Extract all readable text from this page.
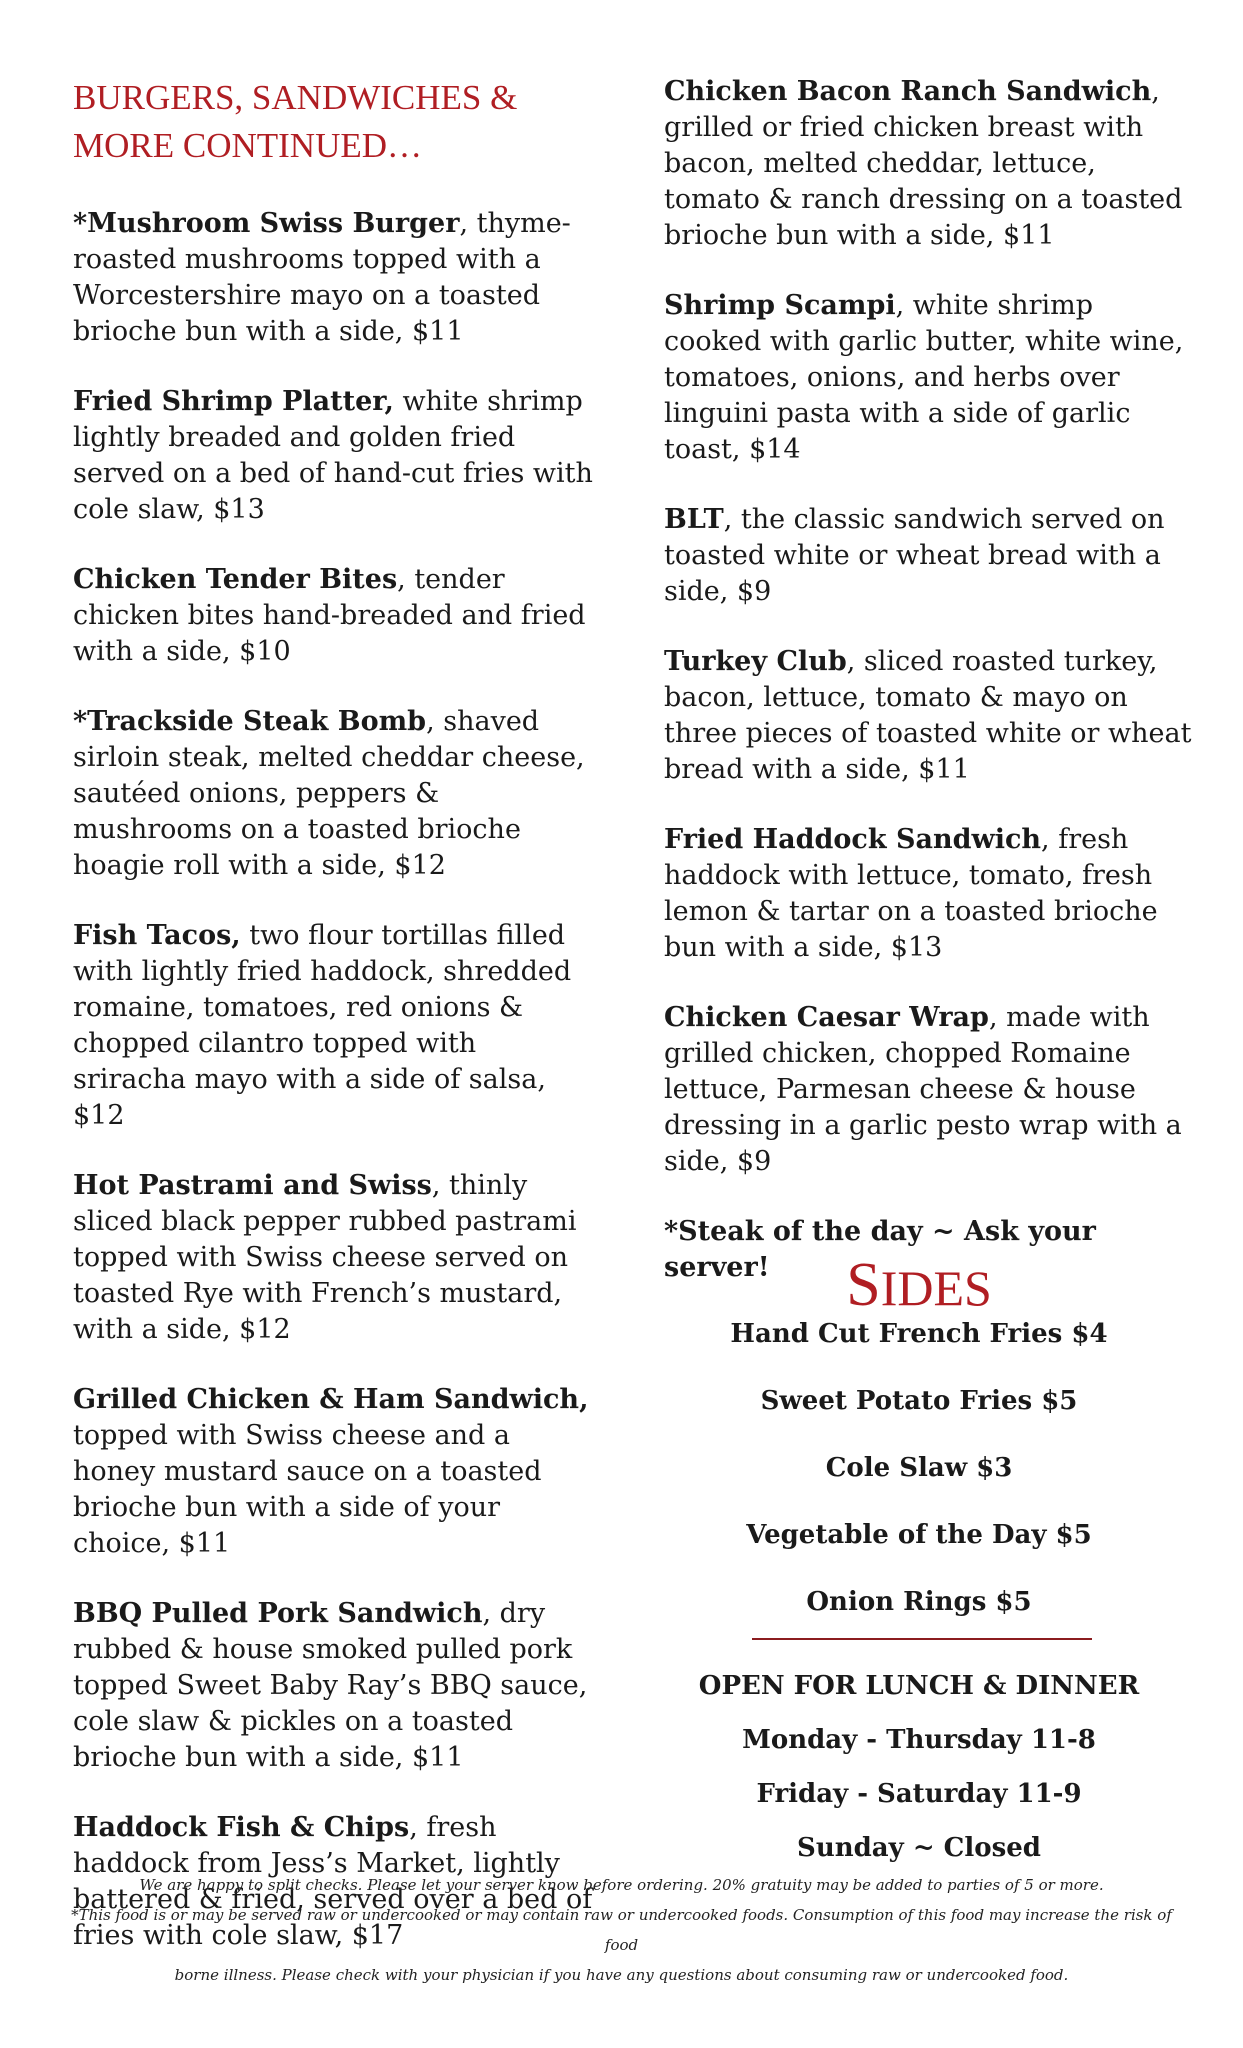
BURGERS, SANDWICHES & MORE CONTINUED…

*Mushroom Swiss Burger, thyme-roasted mushrooms topped with a Worcestershire mayo on a toasted brioche bun with a side, $11

Fried Shrimp Platter, white shrimp lightly breaded and golden fried served on a bed of hand-cut fries with cole slaw, $13

Chicken Tender Bites, tender chicken bites hand-breaded and fried with a side, $10

*Trackside Steak Bomb, shaved sirloin steak, melted cheddar cheese, sautéed onions, peppers & mushrooms on a toasted brioche hoagie roll with a side, $12

Fish Tacos, two flour tortillas filled with lightly fried haddock, shredded romaine, tomatoes, red onions & chopped cilantro topped with sriracha mayo with a side of salsa, $12

Hot Pastrami and Swiss, thinly sliced black pepper rubbed pastrami topped with Swiss cheese served on toasted Rye with French’s mustard, with a side, $12

Grilled Chicken & Ham Sandwich, topped with Swiss cheese and a honey mustard sauce on a toasted brioche bun with a side of your choice, $11

BBQ Pulled Pork Sandwich, dry rubbed & house smoked pulled pork topped Sweet Baby Ray’s BBQ sauce, cole slaw & pickles on a toasted brioche bun with a side, $11

Haddock Fish & Chips, fresh haddock from Jess’s Market, lightly battered & fried, served over a bed of fries with cole slaw, $17

Chicken Bacon Ranch Sandwich, grilled or fried chicken breast with bacon, melted cheddar, lettuce, tomato & ranch dressing on a toasted brioche bun with a side, $11

Shrimp Scampi, white shrimp cooked with garlic butter, white wine, tomatoes, onions, and herbs over linguini pasta with a side of garlic toast, $14

BLT, the classic sandwich served on toasted white or wheat bread with a side, $9

Turkey Club, sliced roasted turkey, bacon, lettuce, tomato & mayo on three pieces of toasted white or wheat bread with a side, $11

Fried Haddock Sandwich, fresh haddock with lettuce, tomato, fresh lemon & tartar on a toasted brioche bun with a side, $13

Chicken Caesar Wrap, made with grilled chicken, chopped Romaine lettuce, Parmesan cheese & house dressing in a garlic pesto wrap with a side, $9

*Steak of the day ~ Ask your server!	SIDES
Hand Cut French Fries $4
Sweet Potato Fries $5
Cole Slaw $3
Vegetable of the Day $5
Onion Rings $5
OPEN FOR LUNCH & DINNER
Monday - Thursday 11-8
Friday - Saturday 11-9
Sunday ~ Closed
We are happy to split checks. Please let your server know before ordering. 20% gratuity may be added to parties of 5 or more.
*This food is or may be served raw or undercooked or may contain raw or undercooked foods. Consumption of this food may increase the risk of food
borne illness. Please check with your physician if you have any questions about consuming raw or undercooked food.
